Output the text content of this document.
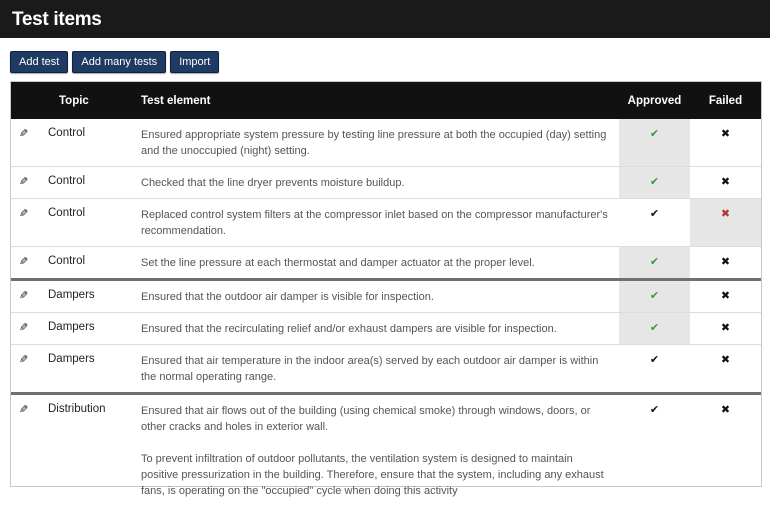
Test items
Add test	Add many tests	Import
	Topic	Test element	Approved	Failed
✎	Control	Ensured appropriate system pressure by testing line pressure at both the occupied (day) setting and the unoccupied (night) setting.	✔	✖
✎	Control	Checked that the line dryer prevents moisture buildup.	✔	✖
✎	Control	Replaced control system filters at the compressor inlet based on the compressor manufacturer's recommendation.	✔	✖
✎	Control	Set the line pressure at each thermostat and damper actuator at the proper level.	✔	✖
✎	Dampers	Ensured that the outdoor air damper is visible for inspection.	✔	✖
✎	Dampers	Ensured that the recirculating relief and/or exhaust dampers are visible for inspection.	✔	✖
✎	Dampers	Ensured that air temperature in the indoor area(s) served by each outdoor air damper is within the normal operating range.	✔	✖
✎	Distribution	Ensured that air flows out of the building (using chemical smoke) through windows, doors, or other cracks and holes in exterior wall.
To prevent infiltration of outdoor pollutants, the ventilation system is designed to maintain positive pressurization in the building. Therefore, ensure that the system, including any exhaust fans, is operating on the "occupied" cycle when doing this activity	✔	✖
